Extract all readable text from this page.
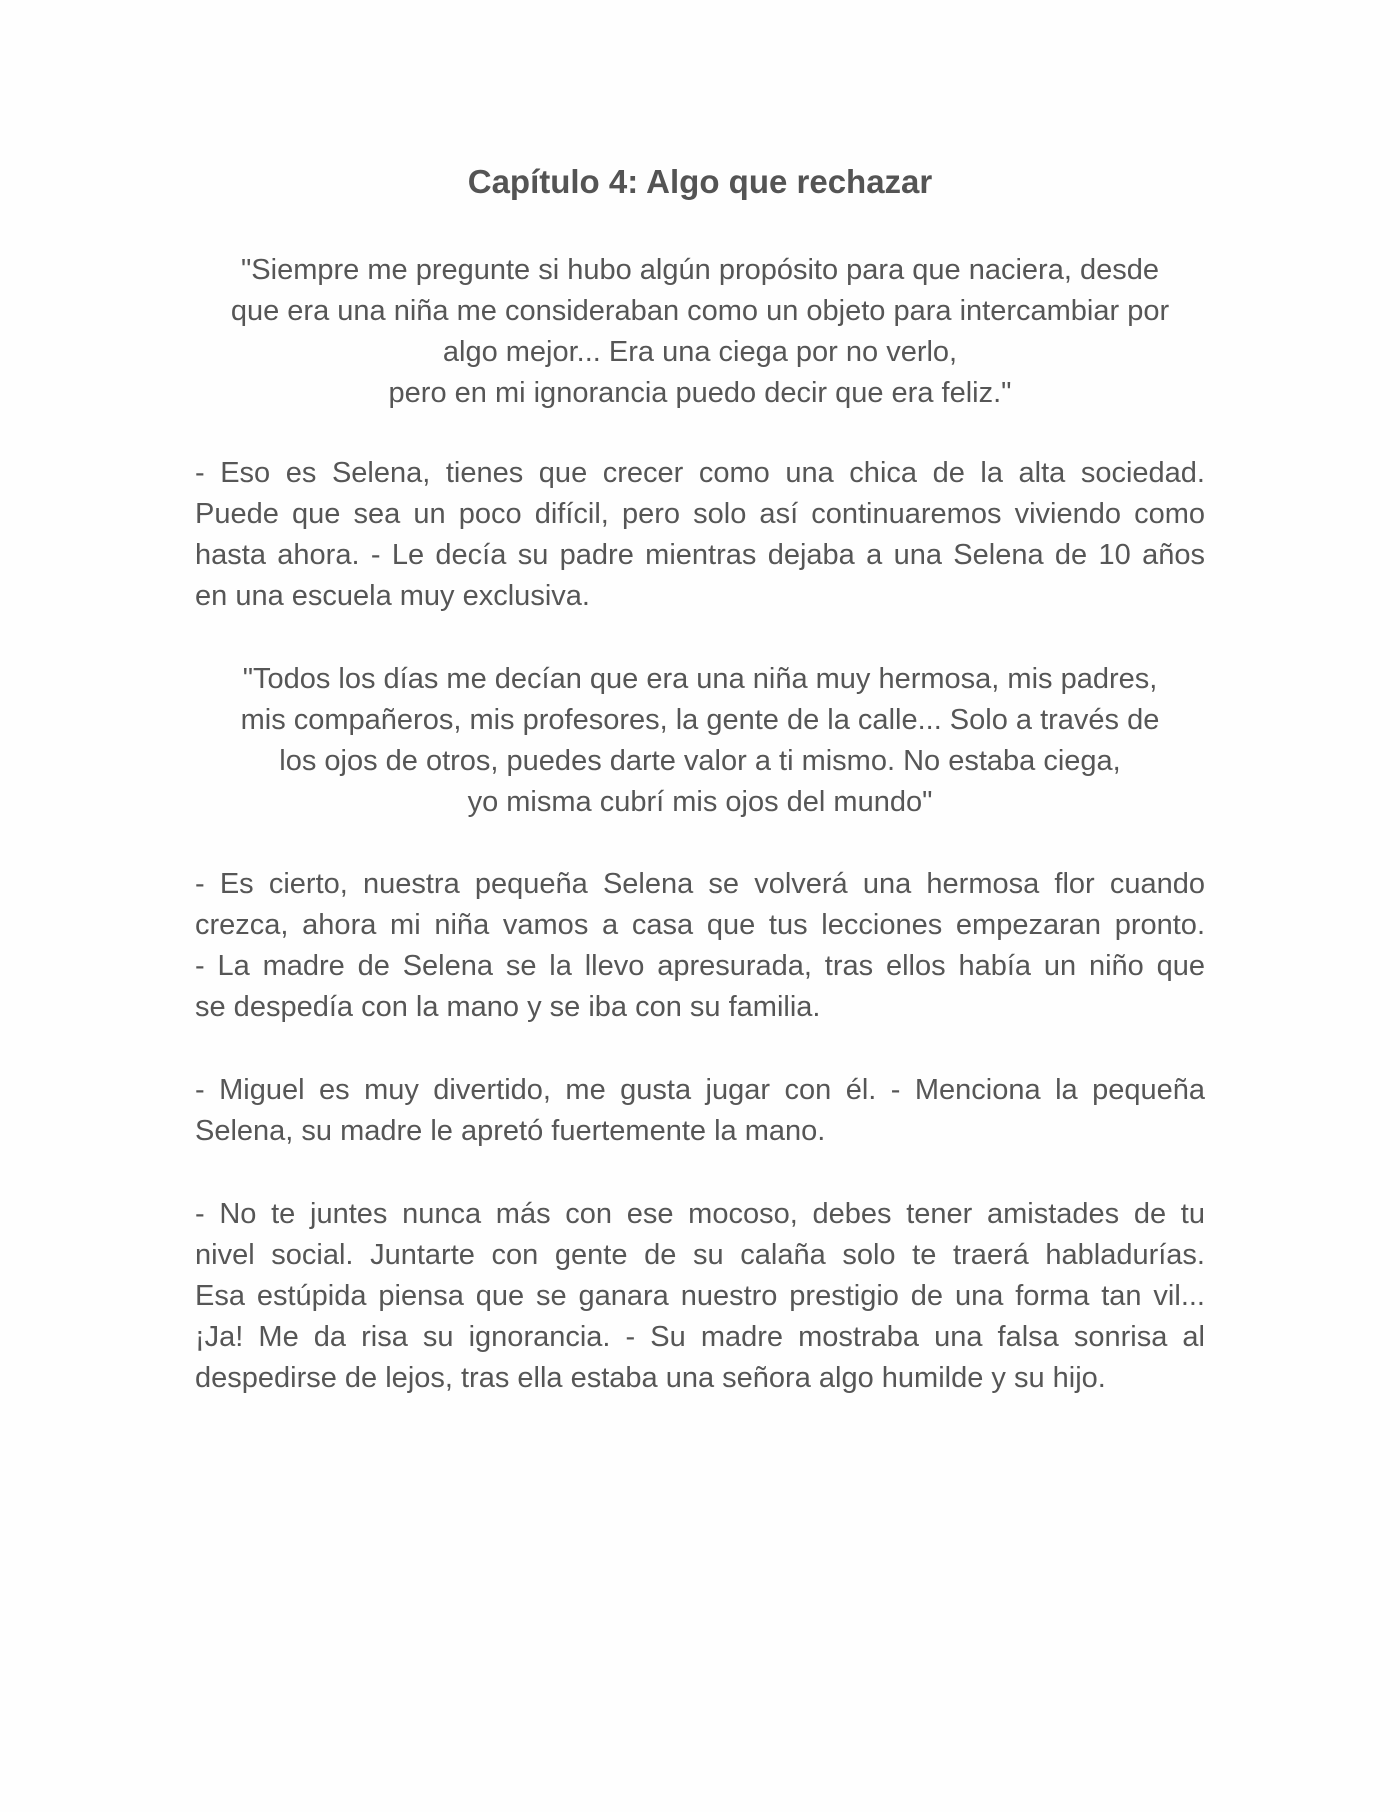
Capítulo 4: Algo que rechazar
"Siempre me pregunte si hubo algún propósito para que naciera, desde
que era una niña me consideraban como un objeto para intercambiar por
algo mejor... Era una ciega por no verlo,
pero en mi ignorancia puedo decir que era feliz."
- Eso es Selena, tienes que crecer como una chica de la alta sociedad.
Puede que sea un poco difícil, pero solo así continuaremos viviendo como
hasta ahora. - Le decía su padre mientras dejaba a una Selena de 10 años
en una escuela muy exclusiva.
"Todos los días me decían que era una niña muy hermosa, mis padres,
mis compañeros, mis profesores, la gente de la calle... Solo a través de
los ojos de otros, puedes darte valor a ti mismo. No estaba ciega,
yo misma cubrí mis ojos del mundo"
- Es cierto, nuestra pequeña Selena se volverá una hermosa flor cuando
crezca, ahora mi niña vamos a casa que tus lecciones empezaran pronto.
- La madre de Selena se la llevo apresurada, tras ellos había un niño que
se despedía con la mano y se iba con su familia.
- Miguel es muy divertido, me gusta jugar con él. - Menciona la pequeña
Selena, su madre le apretó fuertemente la mano.
- No te juntes nunca más con ese mocoso, debes tener amistades de tu
nivel social. Juntarte con gente de su calaña solo te traerá habladurías.
Esa estúpida piensa que se ganara nuestro prestigio de una forma tan vil...
¡Ja! Me da risa su ignorancia. - Su madre mostraba una falsa sonrisa al
despedirse de lejos, tras ella estaba una señora algo humilde y su hijo.
